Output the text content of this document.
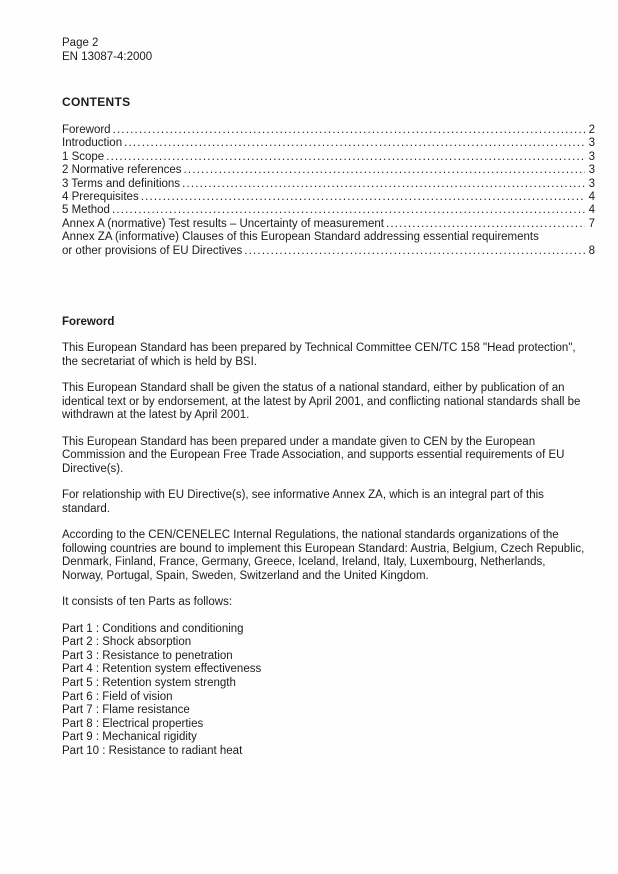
Page 2
EN 13087-4:2000
CONTENTS
Foreword .....	2
Introduction .....	3
1 Scope .....	3
2 Normative references .....	3
3 Terms and definitions .....	3
4 Prerequisites .....	4
5 Method .....	4
Annex A (normative) Test results – Uncertainty of measurement .....	7
Annex ZA (informative) Clauses of this European Standard addressing essential requirements
or other provisions of EU Directives .....	8
Foreword

This European Standard has been prepared by Technical Committee CEN/TC 158 "Head protection", the secretariat of which is held by BSI.

This European Standard shall be given the status of a national standard, either by publication of an identical text or by endorsement, at the latest by April 2001, and conflicting national standards shall be withdrawn at the latest by April 2001.

This European Standard has been prepared under a mandate given to CEN by the European Commission and the European Free Trade Association, and supports essential requirements of EU Directive(s).

For relationship with EU Directive(s), see informative Annex ZA, which is an integral part of this standard.

According to the CEN/CENELEC Internal Regulations, the national standards organizations of the following countries are bound to implement this European Standard: Austria, Belgium, Czech Republic, Denmark, Finland, France, Germany, Greece, Iceland, Ireland, Italy, Luxembourg, Netherlands, Norway, Portugal, Spain, Sweden, Switzerland and the United Kingdom.

It consists of ten Parts as follows:

Part 1 : Conditions and conditioning
Part 2 : Shock absorption
Part 3 : Resistance to penetration
Part 4 : Retention system effectiveness
Part 5 : Retention system strength
Part 6 : Field of vision
Part 7 : Flame resistance
Part 8 : Electrical properties
Part 9 : Mechanical rigidity
Part 10 : Resistance to radiant heat
